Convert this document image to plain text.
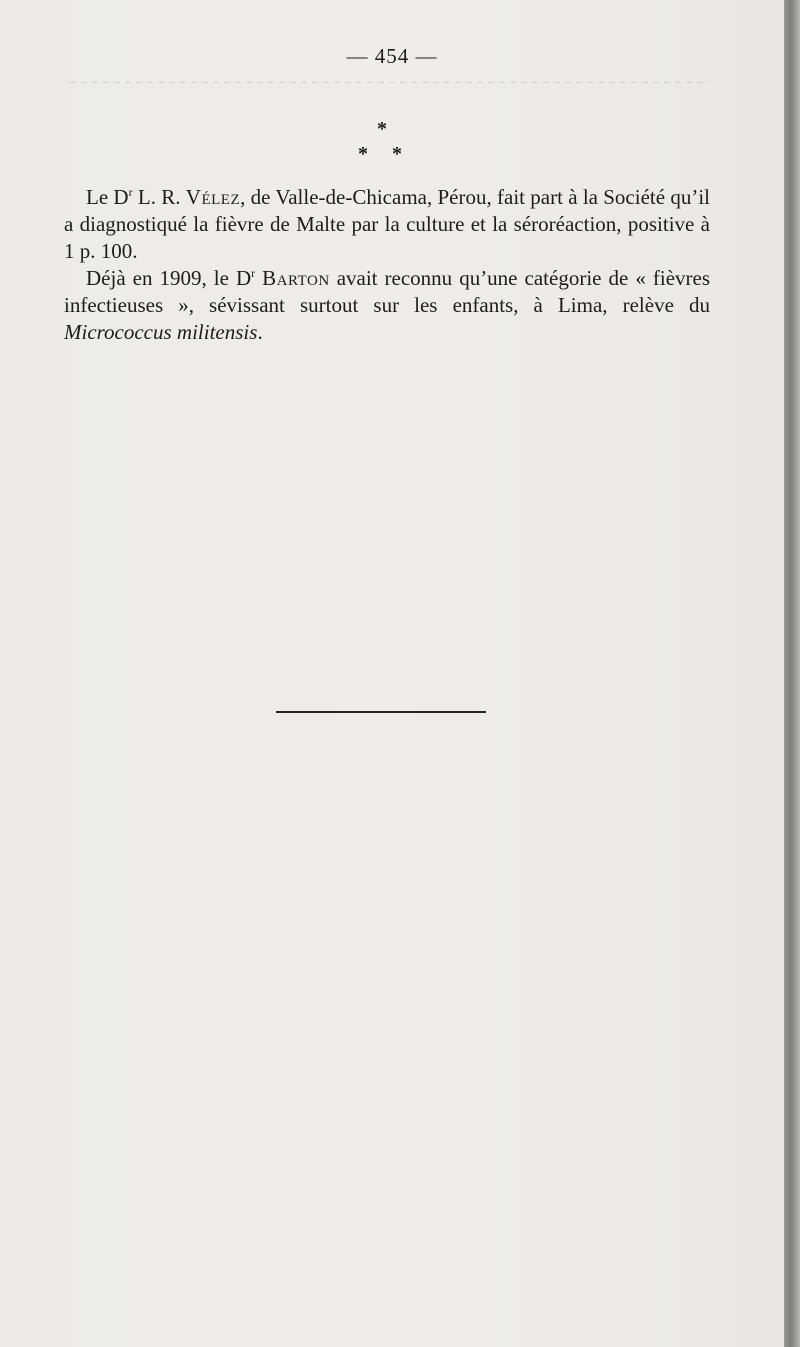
— 454 —
*
* *

Le $D^r$ L. R. Vélez, de Valle-de-Chicama, Pérou, fait part à la Société qu’il a diagnostiqué la fièvre de Malte par la culture et la séroréaction, positive à 1 p. 100.

Déjà en 1909, le $D^r$ Barton avait reconnu qu’une catégorie de « fièvres infectieuses », sévissant surtout sur les enfants, à Lima, relève du Micrococcus militensis.
